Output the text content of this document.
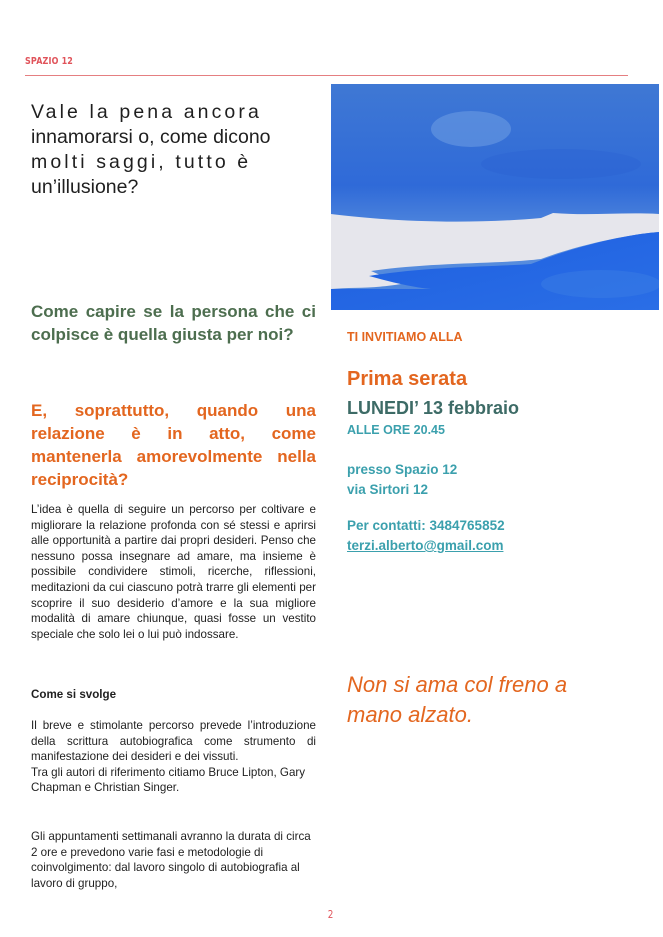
SPAZIO 12
Vale la pena ancora
innamorarsi o, come dicono
molti saggi, tutto è
un’illusione?
Come capire se la persona che ci colpisce è quella giusta per noi?
E, soprattutto, quando una relazione è in atto, come mantenerla amorevolmente nella reciprocità?
L’idea è quella di seguire un percorso per coltivare e migliorare la relazione profonda con sé stessi e aprirsi alle opportunità a partire dai propri desideri. Penso che nessuno possa insegnare ad amare, ma insieme è possibile condividere stimoli, ricerche, riflessioni, meditazioni da cui ciascuno potrà trarre gli elementi per scoprire il suo desiderio d’amore e la sua migliore modalità di amare chiunque, quasi fosse un vestito speciale che solo lei o lui può indossare.
Come si svolge
Il breve e stimolante percorso prevede l’introduzione della scrittura autobiografica come strumento di manifestazione dei desideri e dei vissuti.
Tra gli autori di riferimento citiamo Bruce Lipton, Gary Chapman e Christian Singer.
Gli appuntamenti settimanali avranno la durata di circa 2 ore e prevedono varie fasi e metodologie di coinvolgimento: dal lavoro singolo di autobiografia al lavoro di gruppo,
TI INVITIAMO ALLA
Prima serata
LUNEDI’ 13 febbraio
ALLE ORE 20.45
presso Spazio 12
via Sirtori 12
Per contatti: 3484765852
terzi.alberto@gmail.com
Non si ama col freno a
mano alzato.
2
